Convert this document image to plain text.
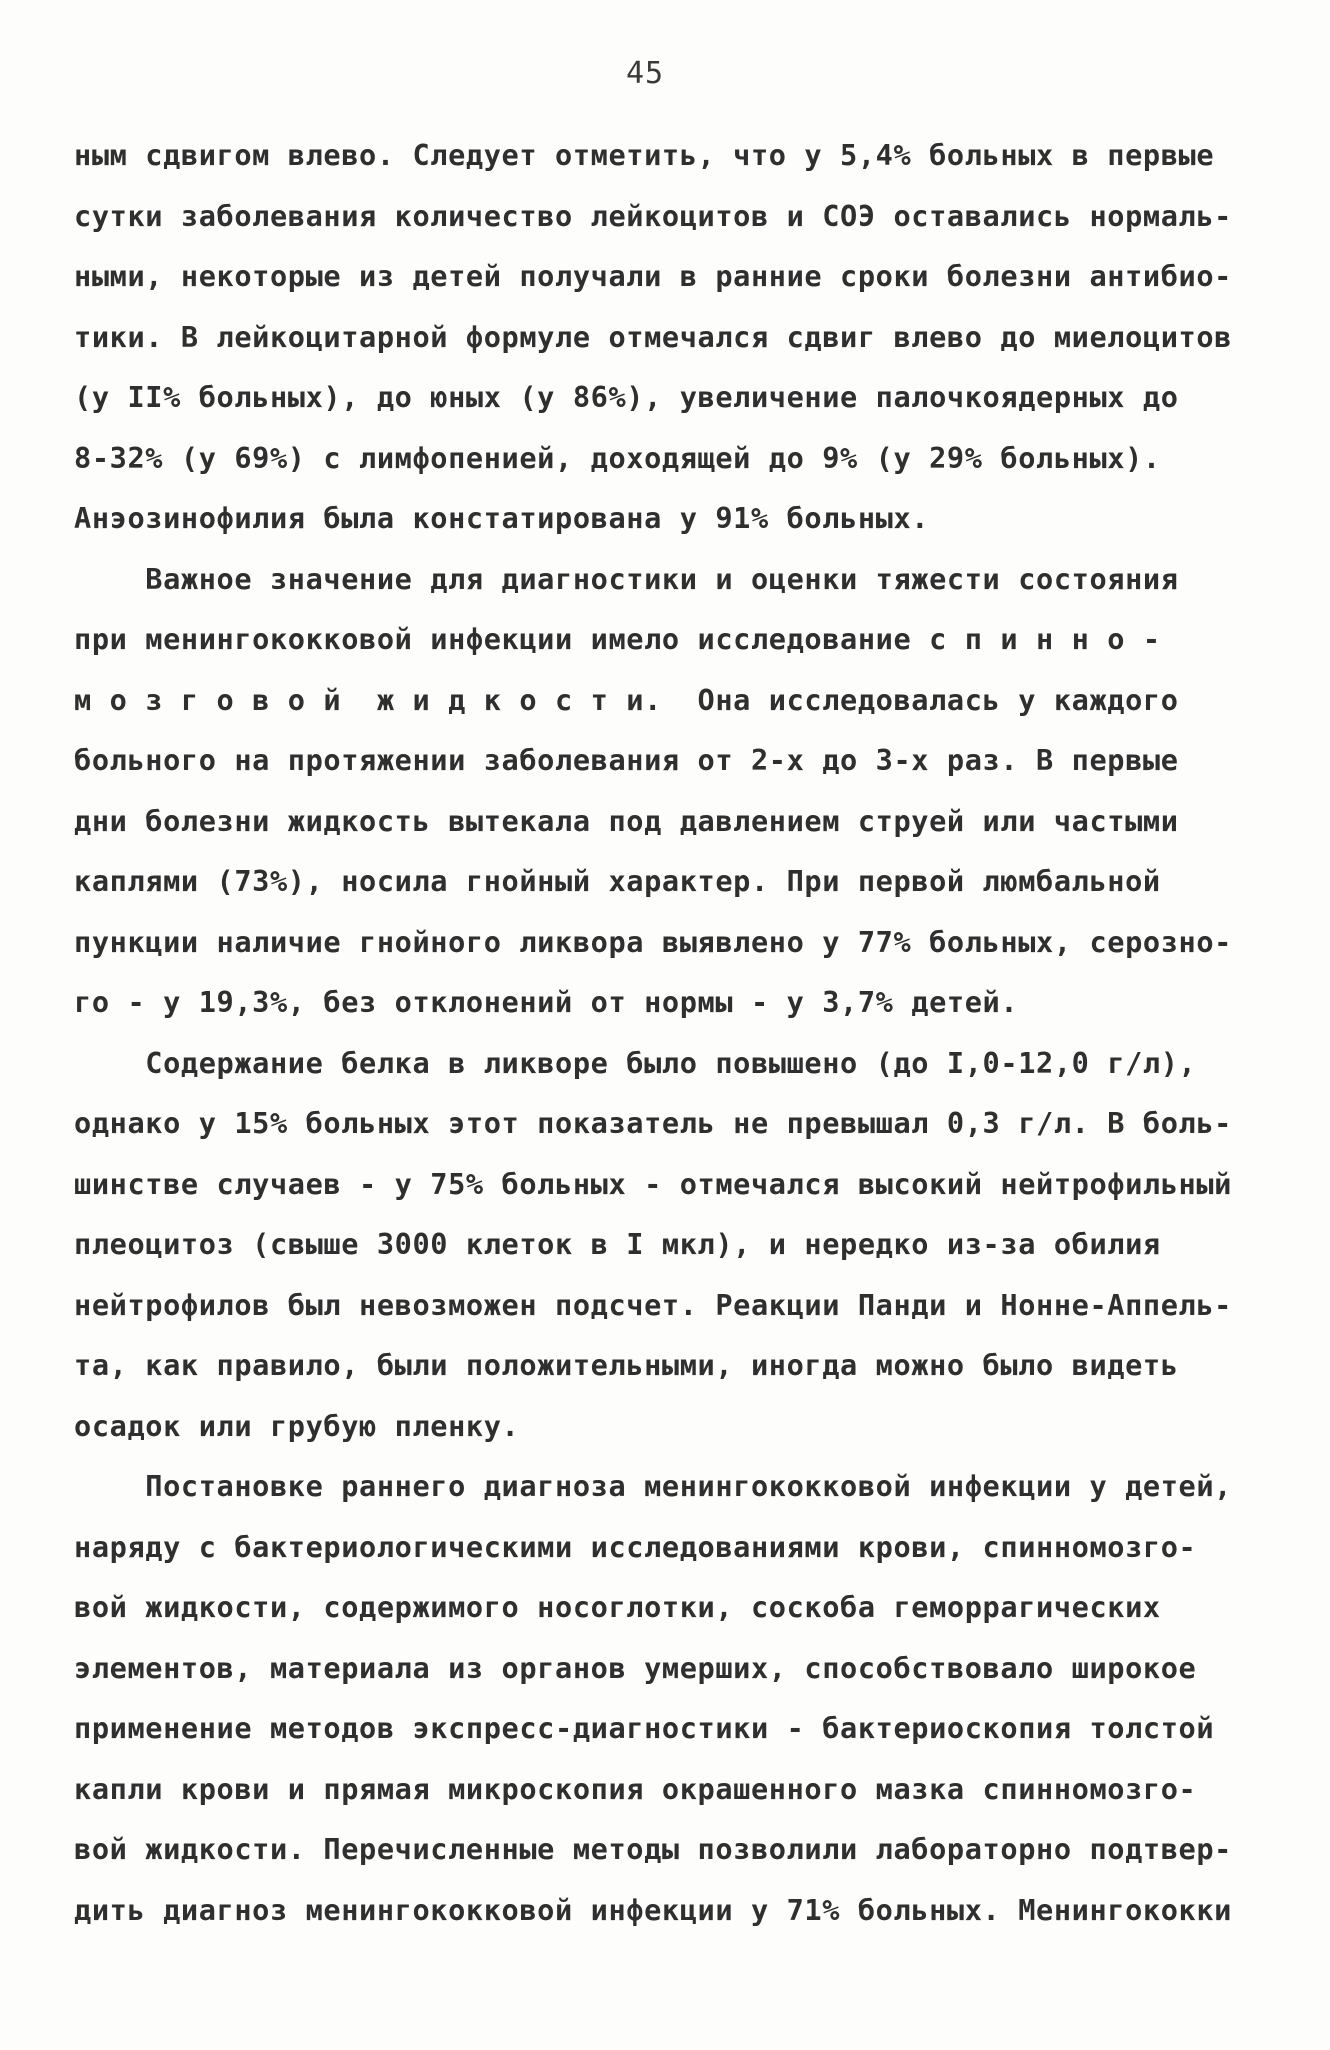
45
ным сдвигом влево. Следует отметить, что у 5,4% больных в первые
сутки заболевания количество лейкоцитов и СОЭ оставались нормаль-
ными, некоторые из детей получали в ранние сроки болезни антибио-
тики. В лейкоцитарной формуле отмечался сдвиг влево до миелоцитов
(у II% больных), до юных (у 86%), увеличение палочкоядерных до
8-32% (у 69%) с лимфопенией, доходящей до 9% (у 29% больных).
Анэозинофилия была констатирована у 91% больных.
Важное значение для диагностики и оценки тяжести состояния
при менингококковой инфекции имело исследование с п и н н о -
м о з г о в о й  ж и д к о с т и.  Она исследовалась у каждого
больного на протяжении заболевания от 2-х до 3-х раз. В первые
дни болезни жидкость вытекала под давлением струей или частыми
каплями (73%), носила гнойный характер. При первой люмбальной
пункции наличие гнойного ликвора выявлено у 77% больных, серозно-
го - у 19,3%, без отклонений от нормы - у 3,7% детей.
Содержание белка в ликворе было повышено (до I,0-12,0 г/л),
однако у 15% больных этот показатель не превышал 0,3 г/л. В боль-
шинстве случаев - у 75% больных - отмечался высокий нейтрофильный
плеоцитоз (свыше 3000 клеток в I мкл), и нередко из-за обилия
нейтрофилов был невозможен подсчет. Реакции Панди и Нонне-Аппель-
та, как правило, были положительными, иногда можно было видеть
осадок или грубую пленку.
Постановке раннего диагноза менингококковой инфекции у детей,
наряду с бактериологическими исследованиями крови, спинномозго-
вой жидкости, содержимого носоглотки, соскоба геморрагических
элементов, материала из органов умерших, способствовало широкое
применение методов экспресс-диагностики - бактериоскопия толстой
капли крови и прямая микроскопия окрашенного мазка спинномозго-
вой жидкости. Перечисленные методы позволили лабораторно подтвер-
дить диагноз менингококковой инфекции у 71% больных. Менингококки
